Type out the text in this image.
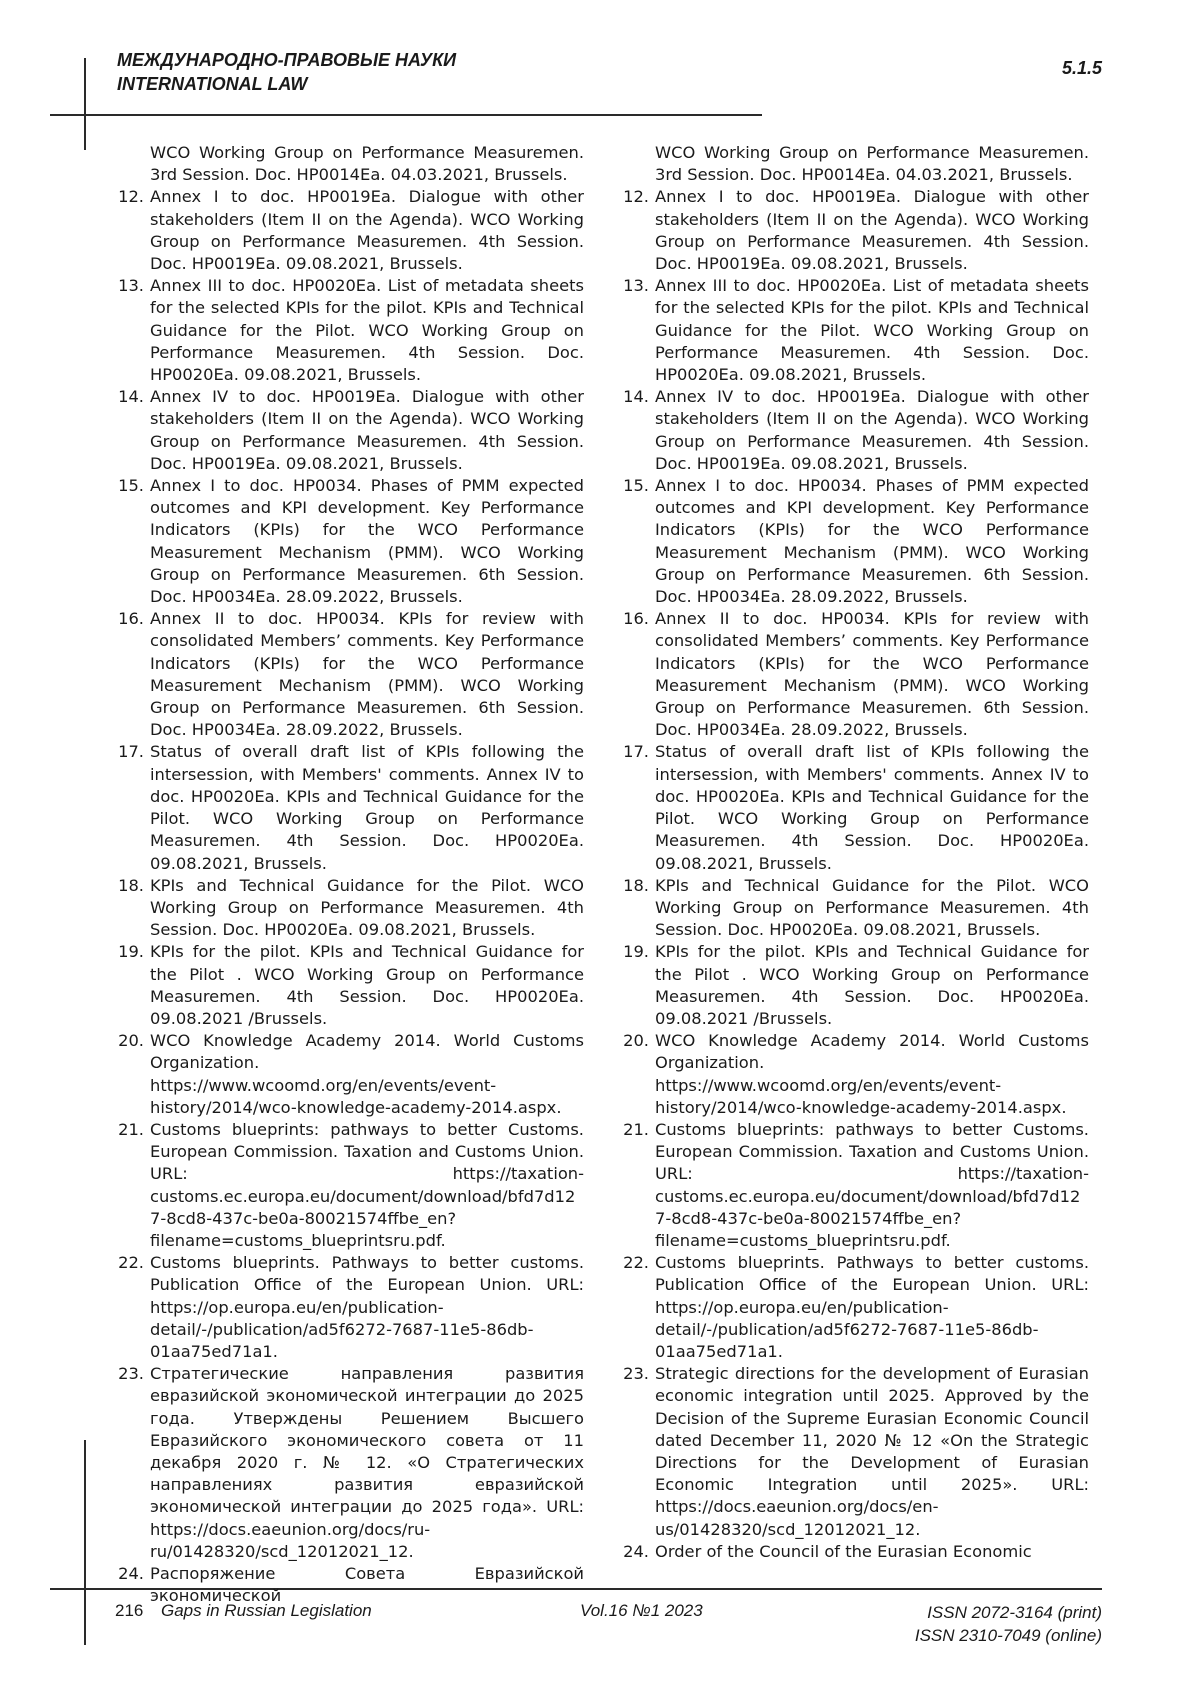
МЕЖДУНАРОДНО-ПРАВОВЫЕ НАУКИ
INTERNATIONAL LAW
5.1.5
WCO Working Group on Performance Measuremen. 3rd Session. Doc. HP0014Ea. 04.03.2021, Brussels.
12. Annex I to doc. HP0019Ea. Dialogue with other stakeholders (Item II on the Agenda). WCO Working Group on Performance Measuremen. 4th Session. Doc. HP0019Ea. 09.08.2021, Brussels.
13. Annex III to doc. HP0020Ea. List of metadata sheets for the selected KPIs for the pilot. KPIs and Technical Guidance for the Pilot. WCO Working Group on Performance Measuremen. 4th Session. Doc. HP0020Ea. 09.08.2021, Brussels.
14. Annex IV to doc. HP0019Ea. Dialogue with other stakeholders (Item II on the Agenda). WCO Working Group on Performance Measuremen. 4th Session. Doc. HP0019Ea. 09.08.2021, Brussels.
15. Annex I to doc. HP0034. Phases of PMM expected outcomes and KPI development. Key Performance Indicators (KPIs) for the WCO Performance Measurement Mechanism (PMM). WCO Working Group on Performance Measuremen. 6th Session. Doc. HP0034Ea. 28.09.2022, Brussels.
16. Annex II to doc. HP0034. KPIs for review with consolidated Members’ comments. Key Performance Indicators (KPIs) for the WCO Performance Measurement Mechanism (PMM). WCO Working Group on Performance Measuremen. 6th Session. Doc. HP0034Ea. 28.09.2022, Brussels.
17. Status of overall draft list of KPIs following the intersession, with Members' comments. Annex IV to doc. HP0020Ea. KPIs and Technical Guidance for the Pilot. WCO Working Group on Performance Measuremen. 4th Session. Doc. HP0020Ea. 09.08.2021, Brussels.
18. KPIs and Technical Guidance for the Pilot. WCO Working Group on Performance Measuremen. 4th Session. Doc. HP0020Ea. 09.08.2021, Brussels.
19. KPIs for the pilot. KPIs and Technical Guidance for the Pilot . WCO Working Group on Performance Measuremen. 4th Session. Doc. HP0020Ea. 09.08.2021 /Brussels.
20. WCO Knowledge Academy 2014. World Customs Organization. https://www.wcoomd.org/en/events/event-history/2014/wco-knowledge-academy-2014.aspx.
21. Customs blueprints: pathways to better Customs. European Commission. Taxation and Customs Union. URL: https://taxation-customs.ec.europa.eu/document/download/bfd7d127-8cd8-437c-be0a-80021574ffbe_en?filename=customs_blueprintsru.pdf.
22. Customs blueprints. Pathways to better customs. Publication Office of the European Union. URL: https://op.europa.eu/en/publication-detail/-/publication/ad5f6272-7687-11e5-86db-01aa75ed71a1.
23. Стратегические направления развития евразийской экономической интеграции до 2025 года. Утверждены Решением Высшего Евразийского экономического совета от 11 декабря 2020 г. № 12. «О Стратегических направлениях развития евразийской экономической интеграции до 2025 года». URL: https://docs.eaeunion.org/docs/ru-ru/01428320/scd_12012021_12.
24. Распоряжение Совета Евразийской экономической
WCO Working Group on Performance Measuremen. 3rd Session. Doc. HP0014Ea. 04.03.2021, Brussels.
12. Annex I to doc. HP0019Ea. Dialogue with other stakeholders (Item II on the Agenda). WCO Working Group on Performance Measuremen. 4th Session. Doc. HP0019Ea. 09.08.2021, Brussels.
13. Annex III to doc. HP0020Ea. List of metadata sheets for the selected KPIs for the pilot. KPIs and Technical Guidance for the Pilot. WCO Working Group on Performance Measuremen. 4th Session. Doc. HP0020Ea. 09.08.2021, Brussels.
14. Annex IV to doc. HP0019Ea. Dialogue with other stakeholders (Item II on the Agenda). WCO Working Group on Performance Measuremen. 4th Session. Doc. HP0019Ea. 09.08.2021, Brussels.
15. Annex I to doc. HP0034. Phases of PMM expected outcomes and KPI development. Key Performance Indicators (KPIs) for the WCO Performance Measurement Mechanism (PMM). WCO Working Group on Performance Measuremen. 6th Session. Doc. HP0034Ea. 28.09.2022, Brussels.
16. Annex II to doc. HP0034. KPIs for review with consolidated Members’ comments. Key Performance Indicators (KPIs) for the WCO Performance Measurement Mechanism (PMM). WCO Working Group on Performance Measuremen. 6th Session. Doc. HP0034Ea. 28.09.2022, Brussels.
17. Status of overall draft list of KPIs following the intersession, with Members' comments. Annex IV to doc. HP0020Ea. KPIs and Technical Guidance for the Pilot. WCO Working Group on Performance Measuremen. 4th Session. Doc. HP0020Ea. 09.08.2021, Brussels.
18. KPIs and Technical Guidance for the Pilot. WCO Working Group on Performance Measuremen. 4th Session. Doc. HP0020Ea. 09.08.2021, Brussels.
19. KPIs for the pilot. KPIs and Technical Guidance for the Pilot . WCO Working Group on Performance Measuremen. 4th Session. Doc. HP0020Ea. 09.08.2021 /Brussels.
20. WCO Knowledge Academy 2014. World Customs Organization. https://www.wcoomd.org/en/events/event-history/2014/wco-knowledge-academy-2014.aspx.
21. Customs blueprints: pathways to better Customs. European Commission. Taxation and Customs Union. URL: https://taxation-customs.ec.europa.eu/document/download/bfd7d127-8cd8-437c-be0a-80021574ffbe_en?filename=customs_blueprintsru.pdf.
22. Customs blueprints. Pathways to better customs. Publication Office of the European Union. URL: https://op.europa.eu/en/publication-detail/-/publication/ad5f6272-7687-11e5-86db-01aa75ed71a1.
23. Strategic directions for the development of Eurasian economic integration until 2025. Approved by the Decision of the Supreme Eurasian Economic Council dated December 11, 2020 № 12 «On the Strategic Directions for the Development of Eurasian Economic Integration until 2025». URL: https://docs.eaeunion.org/docs/en-us/01428320/scd_12012021_12.
24. Order of the Council of the Eurasian Economic
216 Gaps in Russian Legislation	Vol.16 №1 2023	ISSN 2072-3164 (print)
ISSN 2310-7049 (online)
